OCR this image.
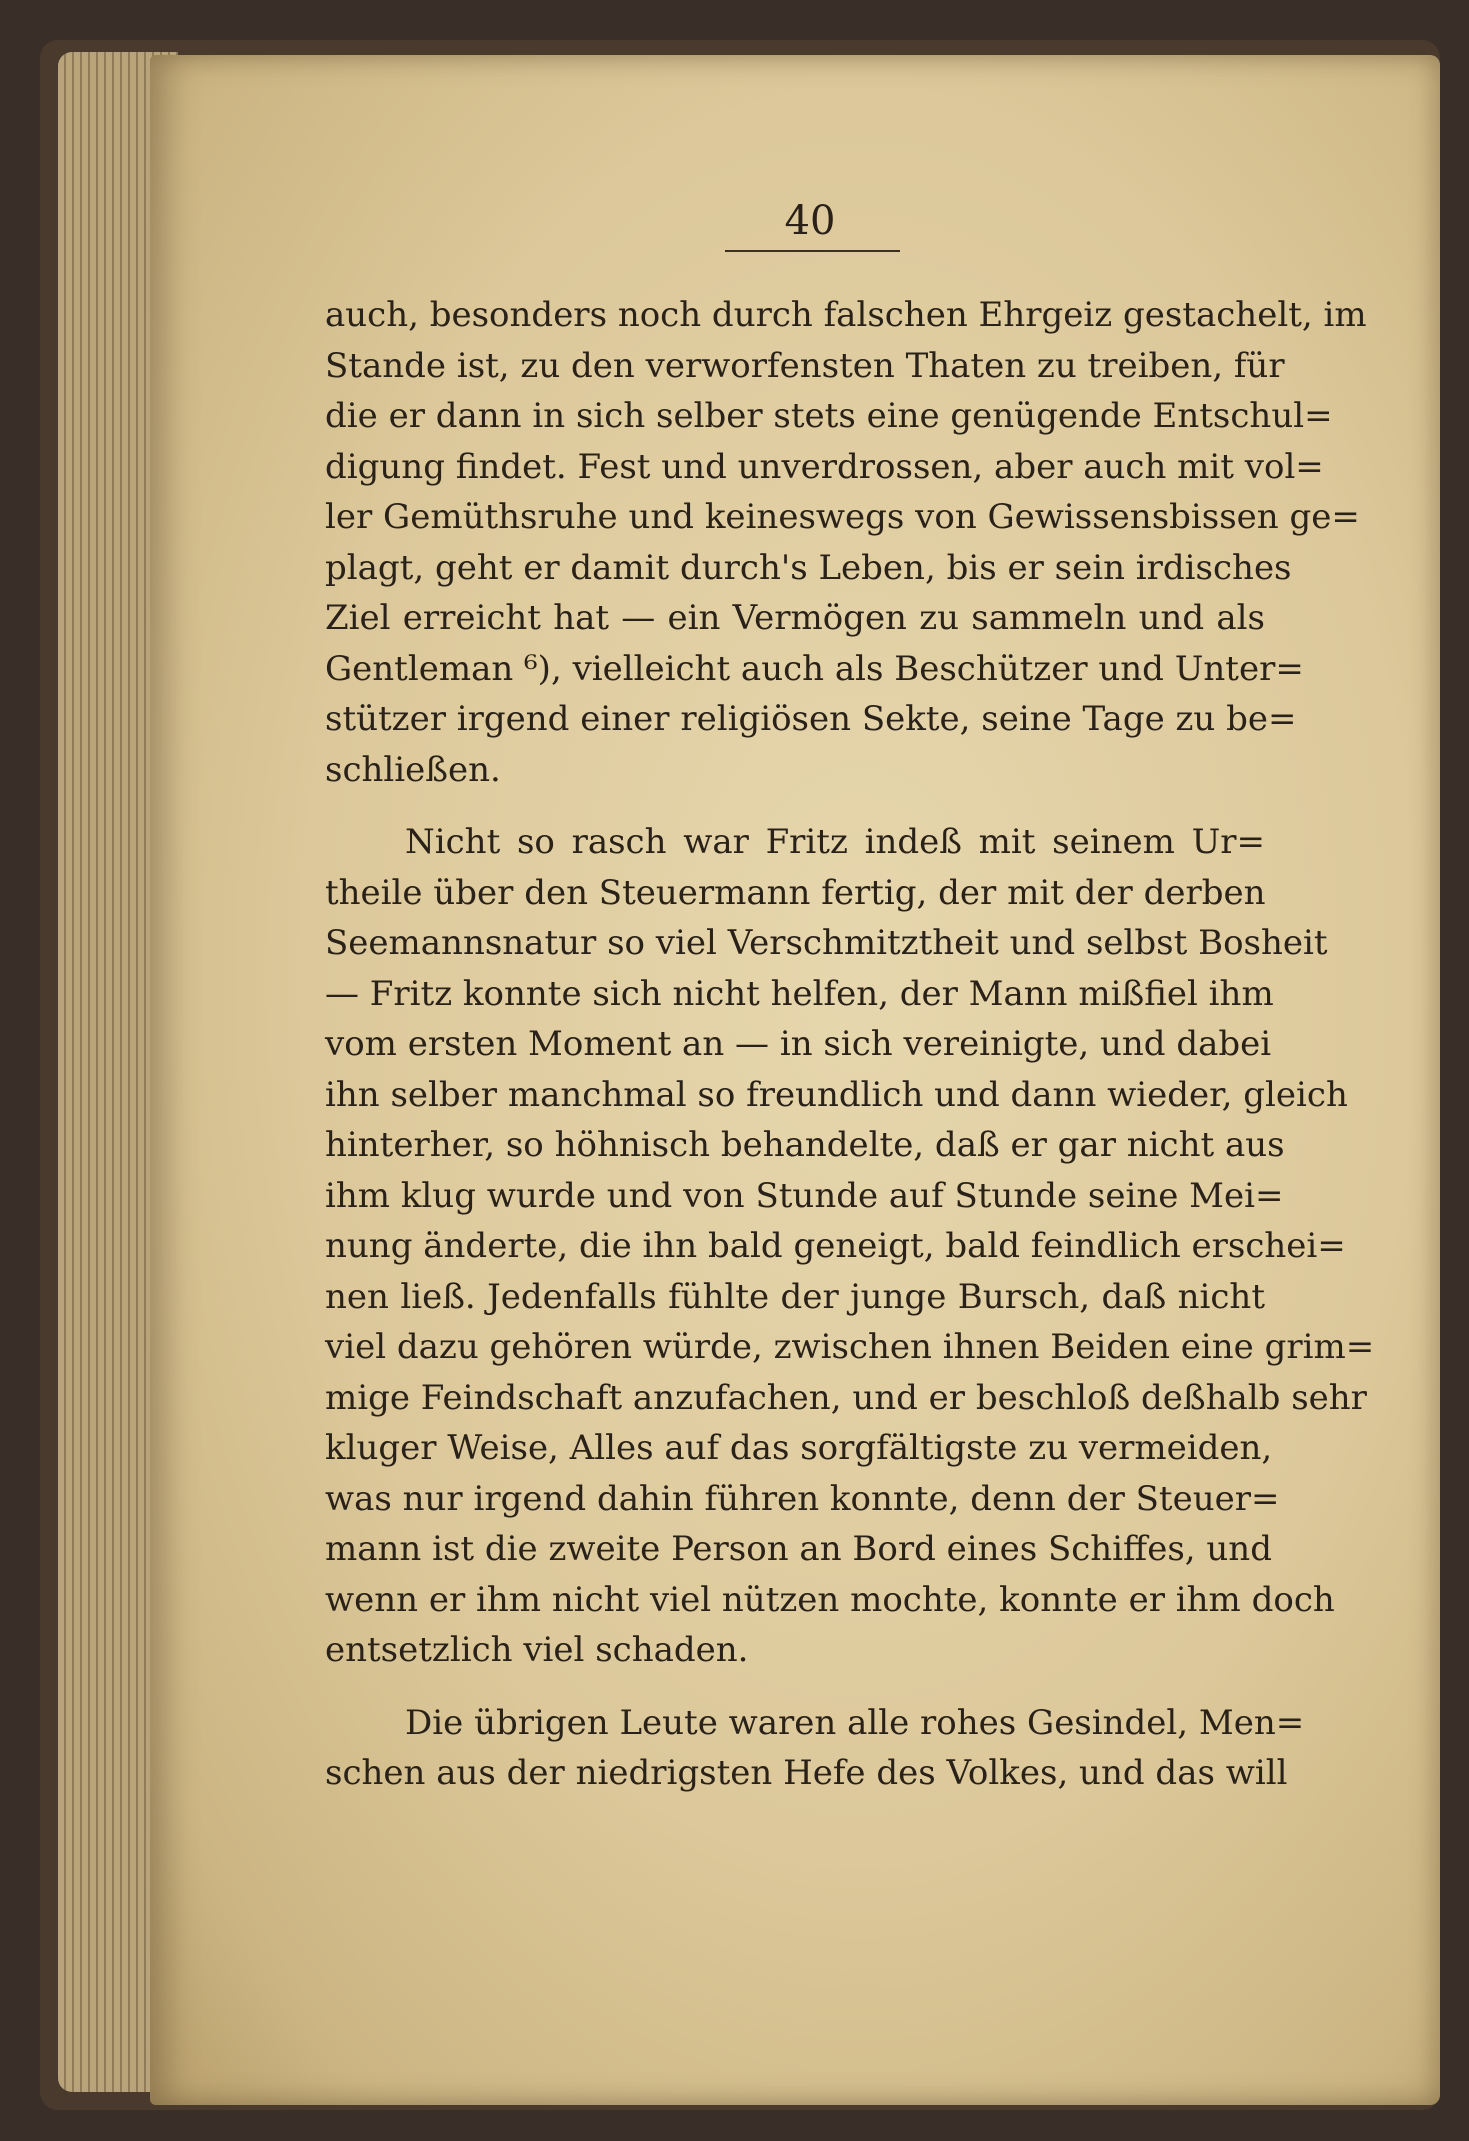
40
auch, besonders noch durch falschen Ehrgeiz gestachelt, im
Stande ist, zu den verworfensten Thaten zu treiben, für
die er dann in sich selber stets eine genügende Entschul=
digung findet. Fest und unverdrossen, aber auch mit vol=
ler Gemüthsruhe und keineswegs von Gewissensbissen ge=
plagt, geht er damit durch's Leben, bis er sein irdisches
Ziel erreicht hat — ein Vermögen zu sammeln und als
Gentleman ⁶), vielleicht auch als Beschützer und Unter=
stützer irgend einer religiösen Sekte, seine Tage zu be=
schließen.
Nicht so rasch war Fritz indeß mit seinem Ur=
theile über den Steuermann fertig, der mit der derben
Seemannsnatur so viel Verschmitztheit und selbst Bosheit
— Fritz konnte sich nicht helfen, der Mann mißfiel ihm
vom ersten Moment an — in sich vereinigte, und dabei
ihn selber manchmal so freundlich und dann wieder, gleich
hinterher, so höhnisch behandelte, daß er gar nicht aus
ihm klug wurde und von Stunde auf Stunde seine Mei=
nung änderte, die ihn bald geneigt, bald feindlich erschei=
nen ließ. Jedenfalls fühlte der junge Bursch, daß nicht
viel dazu gehören würde, zwischen ihnen Beiden eine grim=
mige Feindschaft anzufachen, und er beschloß deßhalb sehr
kluger Weise, Alles auf das sorgfältigste zu vermeiden,
was nur irgend dahin führen konnte, denn der Steuer=
mann ist die zweite Person an Bord eines Schiffes, und
wenn er ihm nicht viel nützen mochte, konnte er ihm doch
entsetzlich viel schaden.
Die übrigen Leute waren alle rohes Gesindel, Men=
schen aus der niedrigsten Hefe des Volkes, und das will
